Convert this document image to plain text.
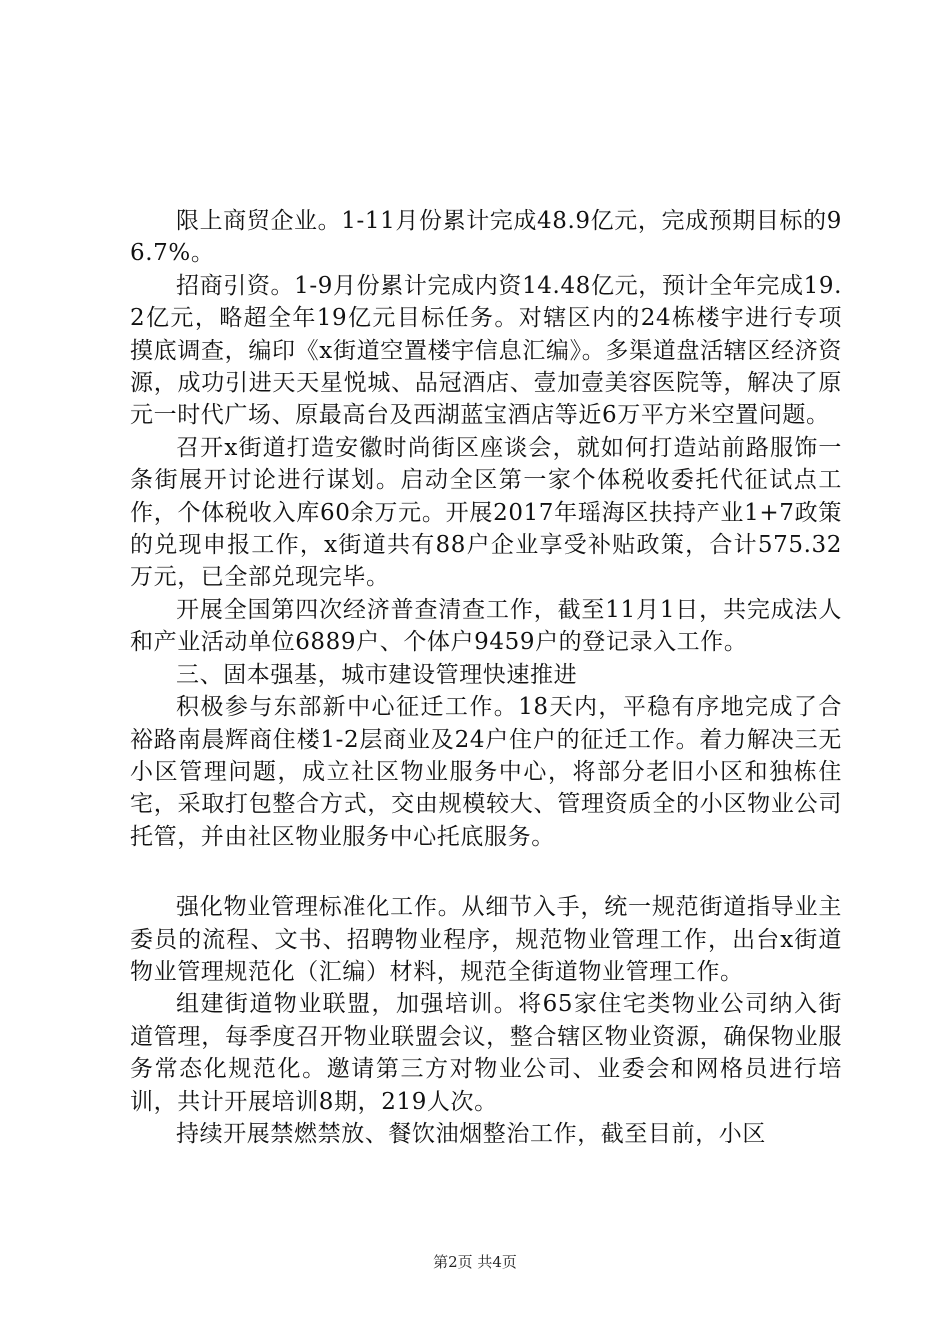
限上商贸企业。1-11月份累计完成48.9亿元，完成预期目标的96.7%。

招商引资。1-9月份累计完成内资14.48亿元，预计全年完成19.2亿元，略超全年19亿元目标任务。对辖区内的24栋楼宇进行专项摸底调查，编印《x街道空置楼宇信息汇编》。多渠道盘活辖区经济资源，成功引进天天星悦城、品冠酒店、壹加壹美容医院等，解决了原元一时代广场、原最高台及西湖蓝宝酒店等近6万平方米空置问题。

召开x街道打造安徽时尚街区座谈会，就如何打造站前路服饰一条街展开讨论进行谋划。启动全区第一家个体税收委托代征试点工作，个体税收入库60余万元。开展2017年瑶海区扶持产业1+7政策的兑现申报工作，x街道共有88户企业享受补贴政策，合计575.32万元，已全部兑现完毕。

开展全国第四次经济普查清查工作，截至11月1日，共完成法人和产业活动单位6889户、个体户9459户的登记录入工作。

三、固本强基，城市建设管理快速推进

积极参与东部新中心征迁工作。18天内，平稳有序地完成了合裕路南晨辉商住楼1-2层商业及24户住户的征迁工作。着力解决三无小区管理问题，成立社区物业服务中心，将部分老旧小区和独栋住宅，采取打包整合方式，交由规模较大、管理资质全的小区物业公司托管，并由社区物业服务中心托底服务。

强化物业管理标准化工作。从细节入手，统一规范街道指导业主委员的流程、文书、招聘物业程序，规范物业管理工作，出台x街道物业管理规范化（汇编）材料，规范全街道物业管理工作。

组建街道物业联盟，加强培训。将65家住宅类物业公司纳入街道管理，每季度召开物业联盟会议，整合辖区物业资源，确保物业服务常态化规范化。邀请第三方对物业公司、业委会和网格员进行培训，共计开展培训8期，219人次。

持续开展禁燃禁放、餐饮油烟整治工作，截至目前，小区

第2页 共4页
